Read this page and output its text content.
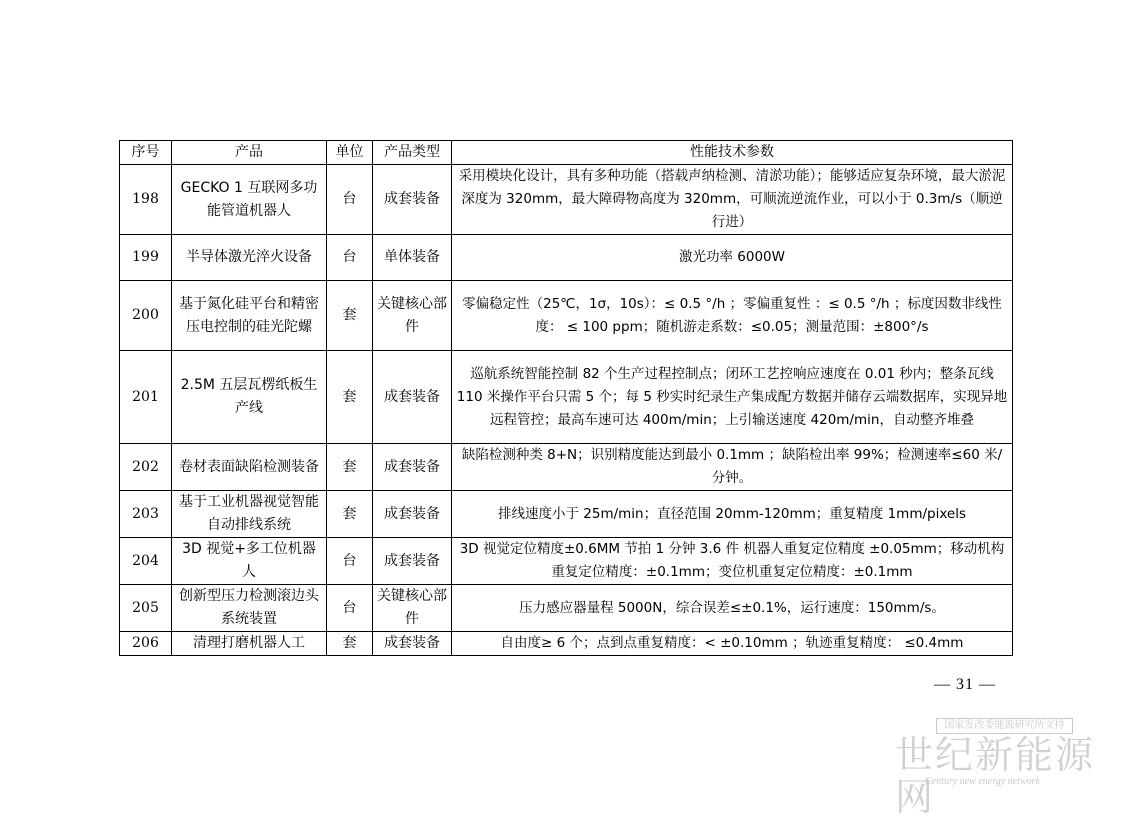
序号	产品	单位	产品类型	性能技术参数
198	GECKO 1 互联网多功能管道机器人	台	成套装备	采用模块化设计，具有多种功能（搭载声纳检测、清淤功能）；能够适应复杂环境，最大淤泥深度为 320mm，最大障碍物高度为 320mm，可顺流逆流作业，可以小于 0.3m/s（顺逆行进）
199	半导体激光淬火设备	台	单体装备	激光功率 6000W
200	基于氮化硅平台和精密压电控制的硅光陀螺	套	关键核心部件	零偏稳定性（25℃，1σ，10s）：≤ 0.5 °/h ；零偏重复性 ：≤ 0.5 °/h ；标度因数非线性度： ≤ 100 ppm；随机游走系数：≤0.05；测量范围：±800°/s
201	2.5M 五层瓦楞纸板生产线	套	成套装备	巡航系统智能控制 82 个生产过程控制点；闭环工艺控响应速度在 0.01 秒内；整条瓦线 110 米操作平台只需 5 个；每 5 秒实时纪录生产集成配方数据并储存云端数据库，实现异地远程管控；最高车速可达 400m/min；上引输送速度 420m/min，自动整齐堆叠
202	卷材表面缺陷检测装备	套	成套装备	缺陷检测种类 8+N；识别精度能达到最小 0.1mm ；缺陷检出率 99%；检测速率≤60 米/分钟。
203	基于工业机器视觉智能自动排线系统	套	成套装备	排线速度小于 25m/min；直径范围 20mm-120mm；重复精度 1mm/pixels
204	3D 视觉+多工位机器人	台	成套装备	3D 视觉定位精度±0.6MM 节拍 1 分钟 3.6 件 机器人重复定位精度 ±0.05mm；移动机构重复定位精度：±0.1mm；变位机重复定位精度：±0.1mm
205	创新型压力检测滚边头系统装置	台	关键核心部件	压力感应器量程 5000N，综合误差≤±0.1%，运行速度：150mm/s。
206	清理打磨机器人工	套	成套装备	自由度≥ 6 个；点到点重复精度：< ±0.10mm ；轨迹重复精度： ≤0.4mm
— 31 —
国家发改委能源研究所支持
世纪新能源网
Century new energy network
